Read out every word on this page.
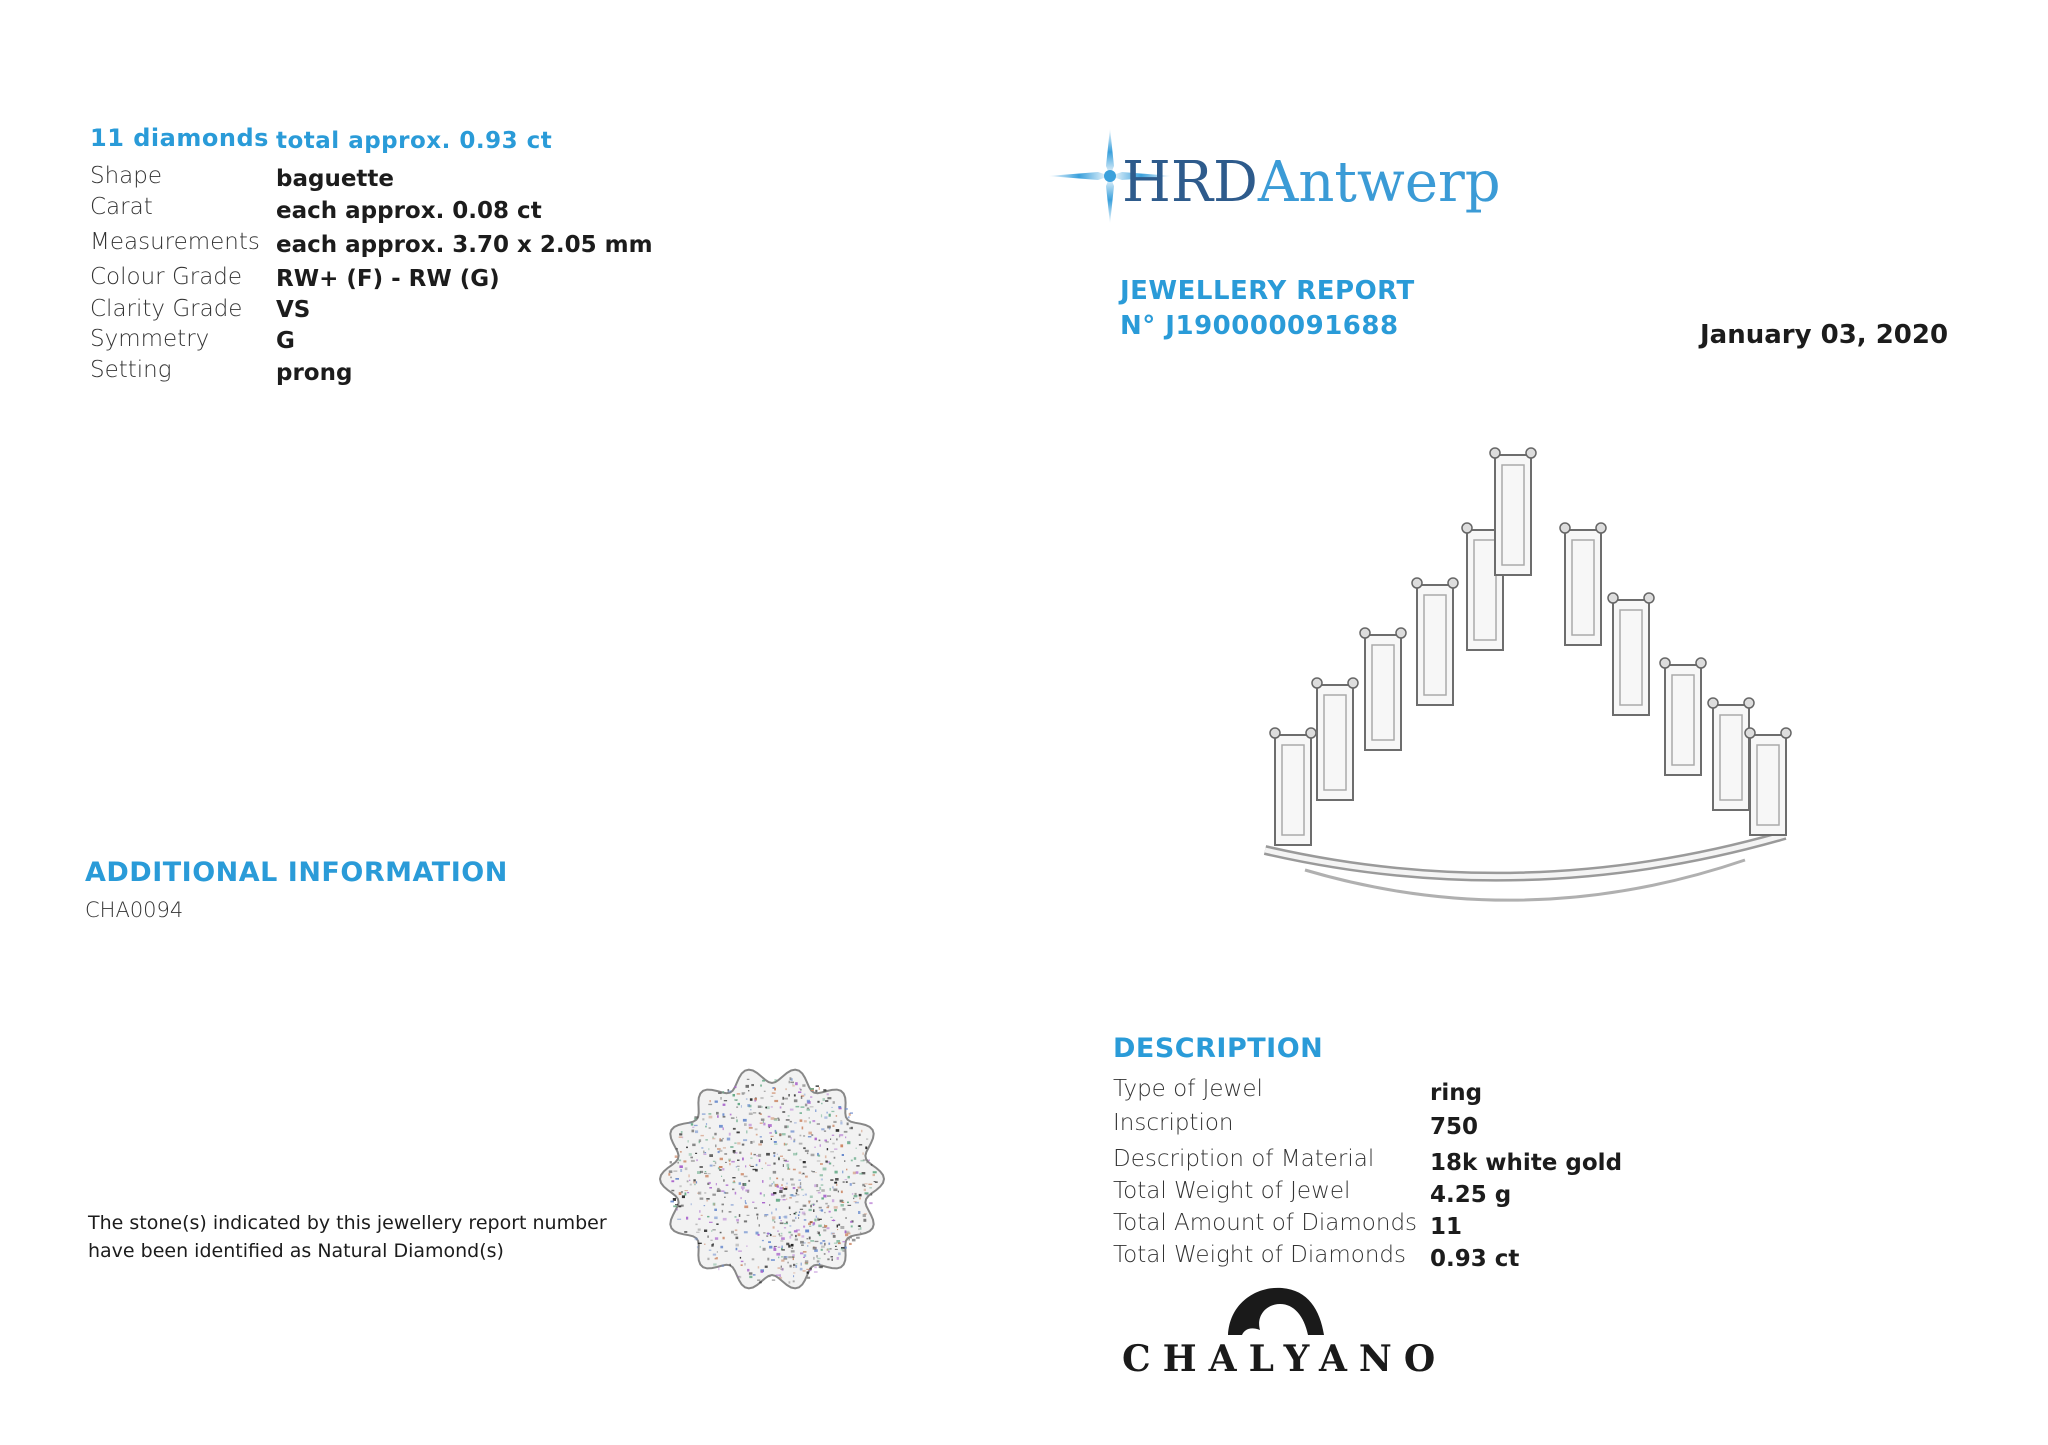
11 diamonds total approx. 0.93 ct
Shape	baguette
Carat	each approx. 0.08 ct
Measurements each approx. 3.70 x 2.05 mm
Colour Grade RW+ (F) - RW (G)
Clarity Grade VS
Symmetry	G
Setting	prong
ADDITIONAL INFORMATION
CHA0094
The stone(s) indicated by this jewellery report number
have been identified as Natural Diamond(s)
HRDAntwerp
JEWELLERY REPORT
N° J190000091688	January 03, 2020
DESCRIPTION
Type of Jewel	ring
Inscription	750
Description of Material 18k white gold
Total Weight of Jewel	4.25 g
Total Amount of Diamonds 11
Total Weight of Diamonds 0.93 ct
CHALYANO
